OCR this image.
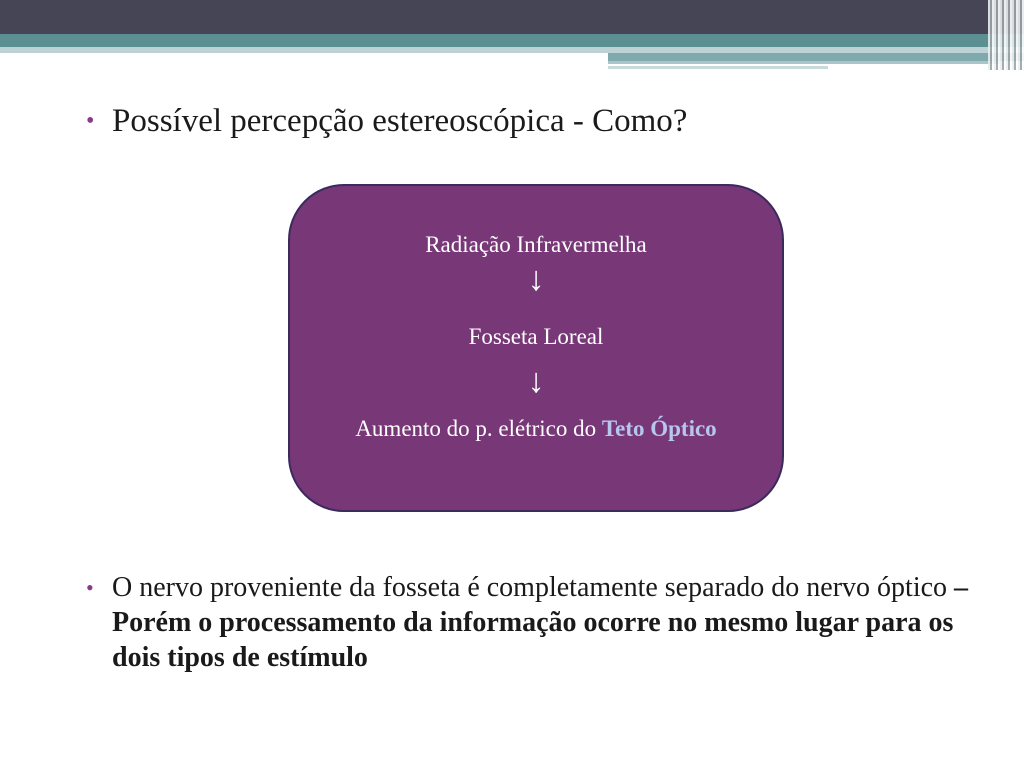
• Possível percepção estereoscópica - Como?
Radiação Infravermelha
↓
Fosseta Loreal
↓
Aumento do p. elétrico do Teto Óptico
• O nervo proveniente da fosseta é completamente separado do nervo óptico – Porém o processamento da informação ocorre no mesmo lugar para os dois tipos de estímulo
